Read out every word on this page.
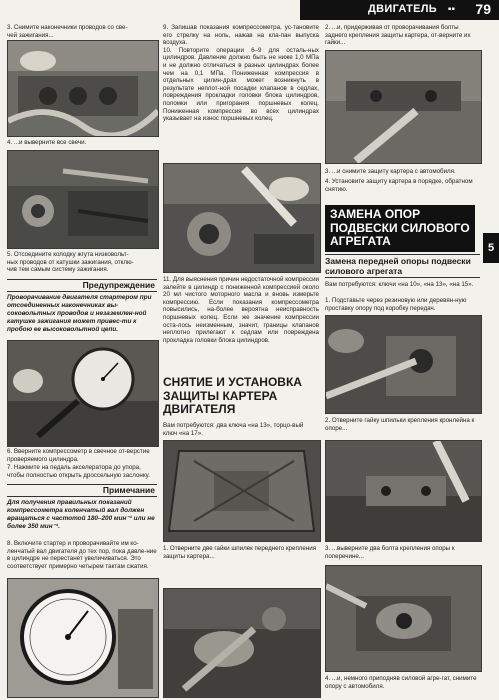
ДВИГАТЕЛЬ ▪▪ 79
5

3. Снимите наконечники проводов со све-
чей зажигания...

4. ...и выверните все свечи.

5. Отсоедините колодку жгута низковольт-
ных проводов от катушки зажигания, отклю-
чив тем самым систему зажигания.

Предупреждение

Проворачивание двигателя стартером при отсоединенных наконечниках вы-соковольтных проводов и незаземлен-ной катушке зажигания может привес-ти к пробою ее высоковольтной цепи.

6. Вверните компрессометр в свечное от-верстие проверяемого цилиндра.

7. Нажмите на педаль акселератора до упора, чтобы полностью открыть дроссельную заслонку.

Примечание

Для получения правильных показаний компрессометра коленчатый вал должен вращаться с частотой 180–200 мин⁻¹ или не более 350 мин⁻¹.

8. Включите стартер и проворачивайте им ко-ленчатый вал двигателя до тех пор, пока давле-ние в цилиндре не перестанет увеличиваться. Это соответствует примерно четырем тактам сжатия.

9. Запишав показания компрессометра, ус-тановите его стрелку на ноль, нажав на кла-пан выпуска воздуха.
10. Повторите операции 6–9 для осталь-ных цилиндров. Давление должно быть не ниже 1,0 МПа и не должно отличаться в разных цилиндрах более чем на 0,1 МПа. Пониженная компрессия в отдельных цилин-драх может возникнуть в результате неплот-ной посадки клапанов в седлах, повреждения прокладки головки блока цилиндров, поломки или пригорания поршневых колец. Пониженная компрессия во всех цилиндрах указывает на износ поршневых колец.

11. Для выяснения причин недостаточной компрессии залейте в цилиндр с пониженной компрессией около 20 мл чистого моторного масла и вновь измерьте компрессию. Если показания компрессометра повысились, на-более вероятна неисправность поршневых колец. Если же значение компрессии оста-лось неизменным, значит, границы клапанов неплотно прилегают к седлам или повреждена прокладка головки блока цилиндров.

СНЯТИЕ И УСТАНОВКА ЗАЩИТЫ КАРТЕРА ДВИГАТЕЛЯ

Вам потребуются: два ключа «на 13», торцо-вый ключ «на 17».

1. Отверните две гайки шпилек переднего крепления защиты картера...

2. ...и, придерживая от проворачивания болты заднего крепления защиты картера, от-верните их гайки...

3. ...и снимите защиту картера с автомобиля.

4. Установите защиту картера в порядке, обратном снятию.

ЗАМЕНА ОПОР ПОДВЕСКИ СИЛОВОГО АГРЕГАТА
Замена передней опоры подвески силового агрегата

Вам потребуются: ключи «на 10», «на 13», «на 15».

1. Подставьте через резиновую или деревян-ную проставку опору под коробку передач.

2. Отверните гайку шпильки крепления кронлейна к опоре...

3. ...выверните два болта крепления опоры к поперечине...

4. ...и, немного приподняв силовой агре-гат, снимите опору с автомобиля.
